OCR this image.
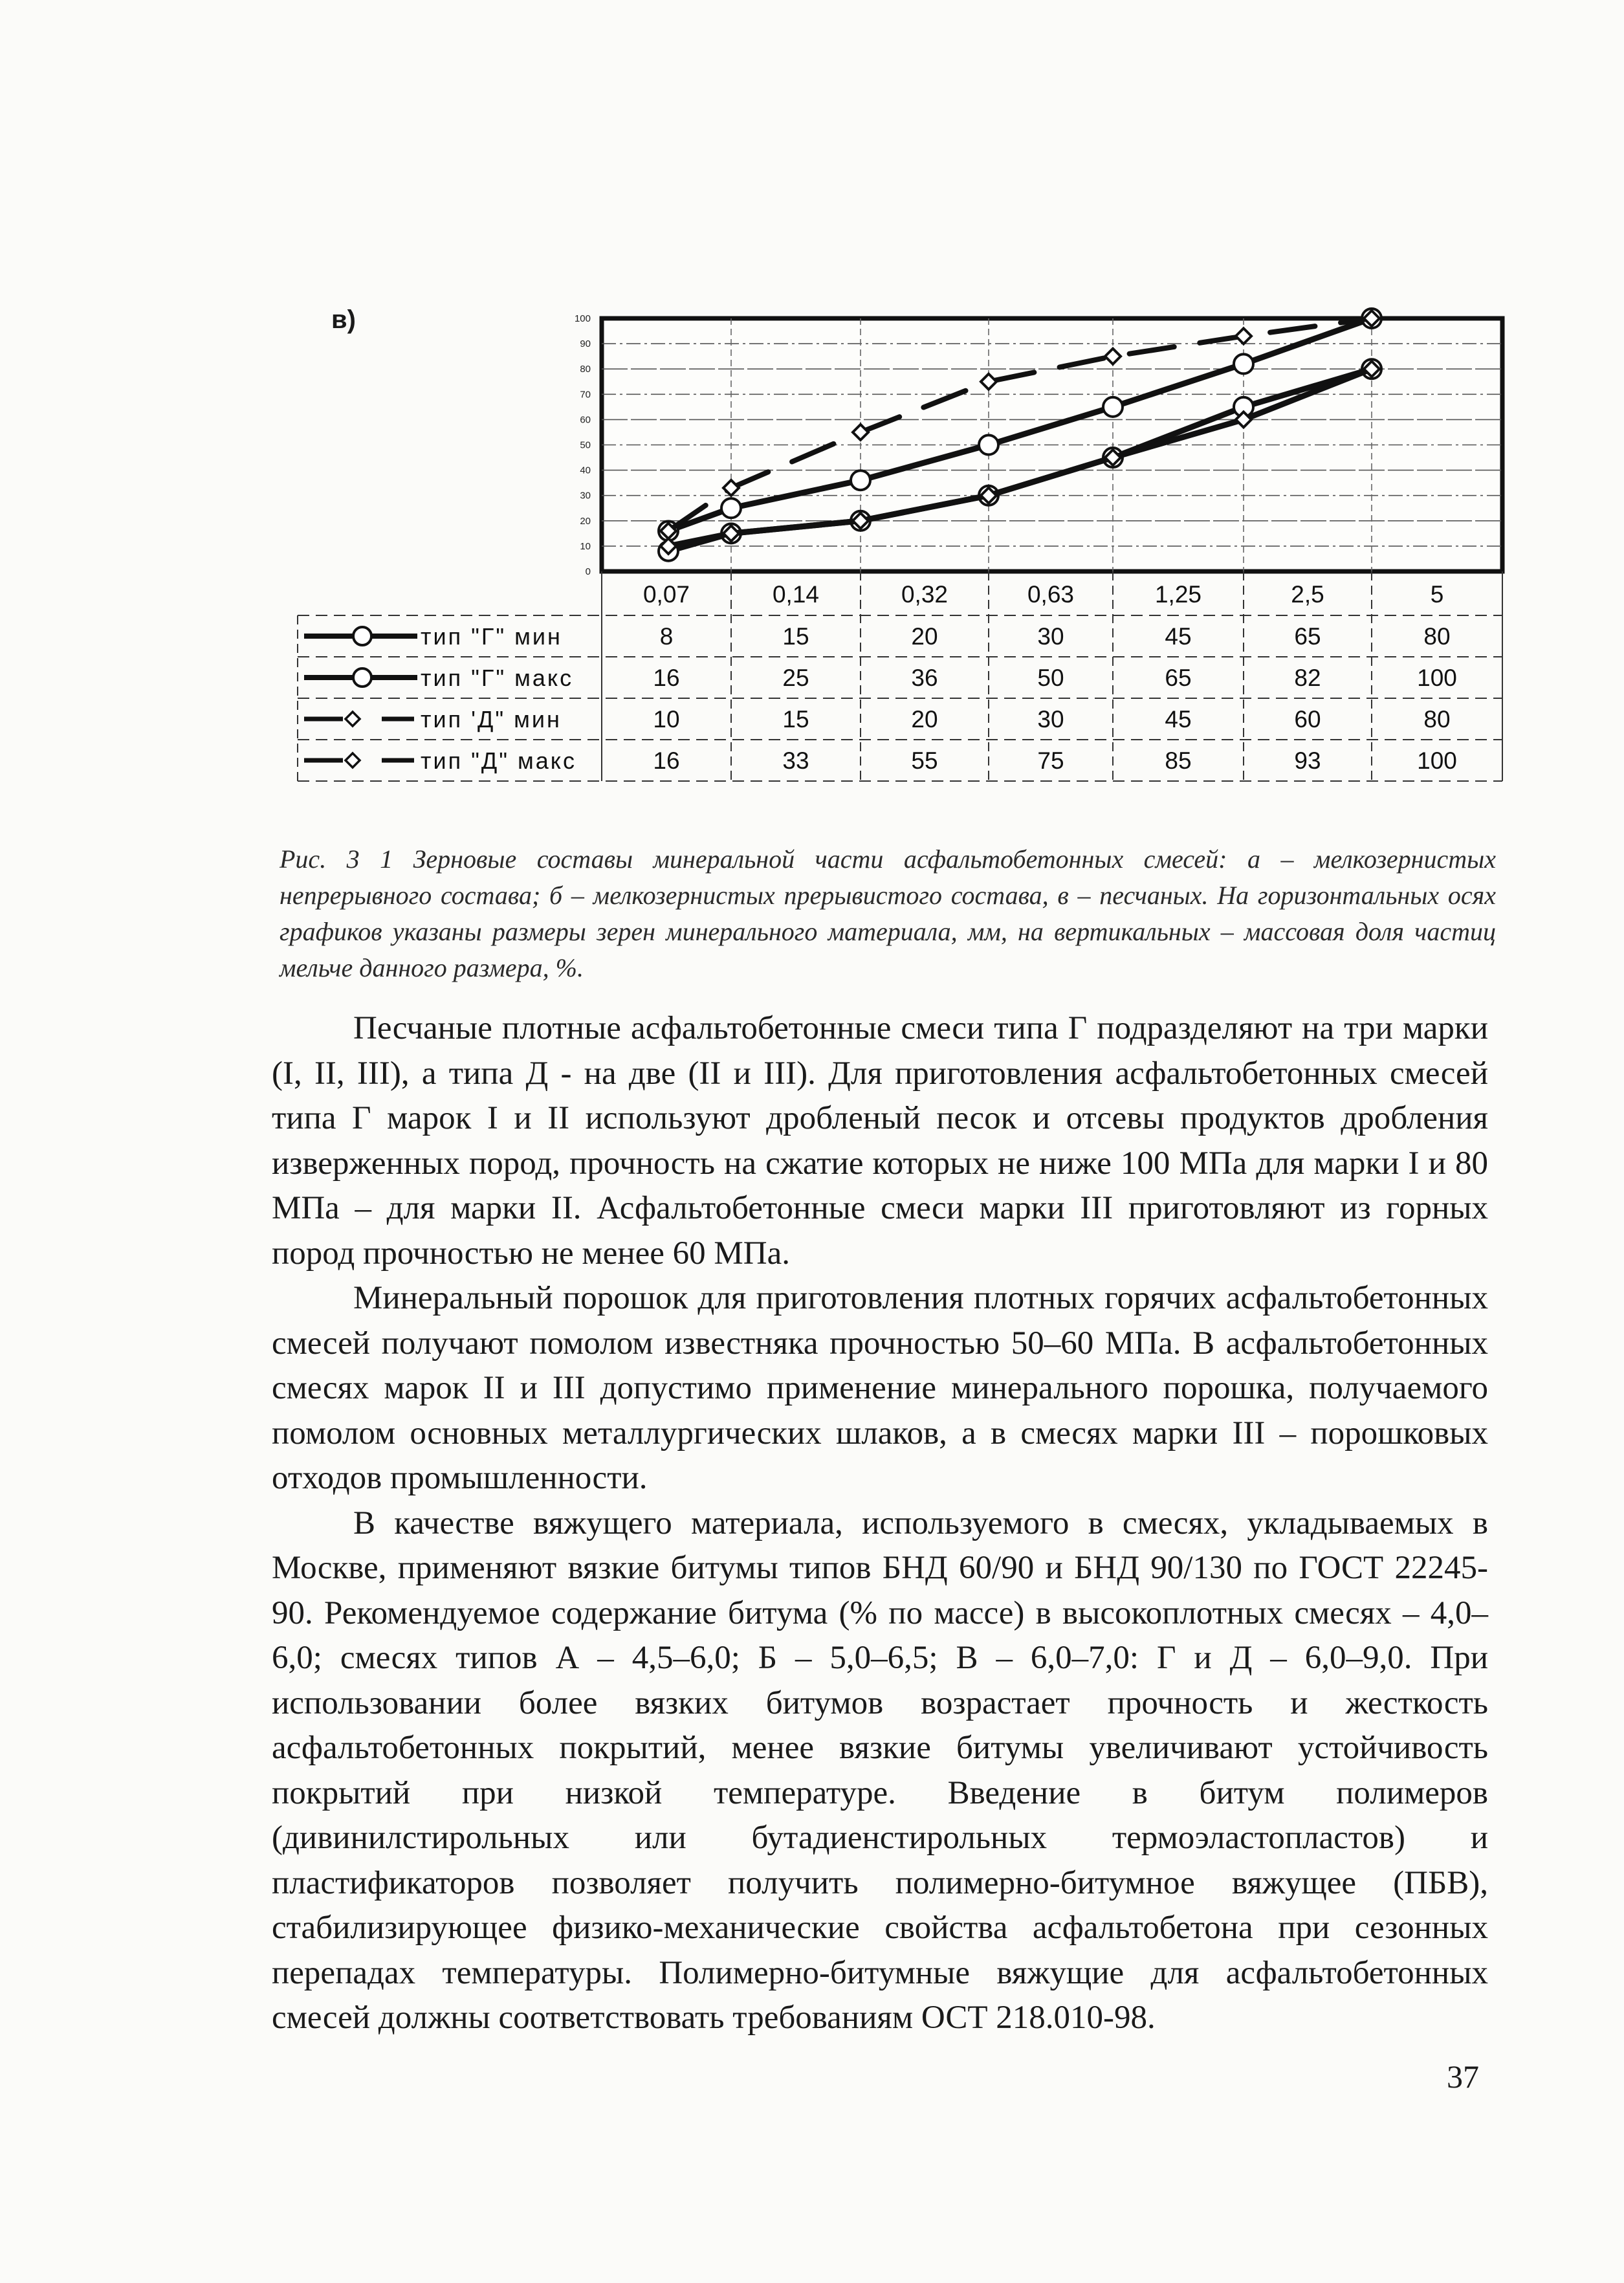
в)	100
90
80
70
60
50
40
30
20
10
0
0,07	0,14	0,32	0,63	1,25	2,5	5
тип "Г" мин	8	15	20	30	45	65	80
тип "Г" макс	16	25	36	50	65	82	100
тип 'Д" мин	10	15	20	30	45	60	80
тип "Д" макс	16	33	55	75	85	93	100
Рис. 3 1 Зерновые составы минеральной части асфальтобетонных смесей: а – мелкозернистых непрерывного состава; б – мелкозернистых прерывистого состава, в – песчаных. На горизонтальных осях графиков указаны размеры зерен минерального материала, мм, на вертикальных – массовая доля частиц мельче данного размера, %.

Песчаные плотные асфальтобетонные смеси типа Г подразделяют на три марки (I, II, III), а типа Д - на две (II и III). Для приготовления асфальтобетонных смесей типа Г марок I и II используют дробленый песок и отсевы продуктов дробления изверженных пород, прочность на сжатие которых не ниже 100 МПа для марки I и 80 МПа – для марки II. Асфальтобетонные смеси марки III приготовляют из горных пород прочностью не менее 60 МПа.

Минеральный порошок для приготовления плотных горячих асфальтобетонных смесей получают помолом известняка прочностью 50–60 МПа. В асфальтобетонных смесях марок II и III допустимо применение минерального порошка, получаемого помолом основных металлургических шлаков, а в смесях марки III – порошковых отходов промышленности.

В качестве вяжущего материала, используемого в смесях, укладываемых в Москве, применяют вязкие битумы типов БНД 60/90 и БНД 90/130 по ГОСТ 22245-90. Рекомендуемое содержание битума (% по массе) в высокоплотных смесях – 4,0–6,0; смесях типов А – 4,5–6,0; Б – 5,0–6,5; В – 6,0–7,0: Г и Д – 6,0–9,0. При использовании более вязких битумов возрастает прочность и жесткость асфальтобетонных покрытий, менее вязкие битумы увеличивают устойчивость покрытий при низкой температуре. Введение в битум полимеров (дивинилстирольных или бутадиенстирольных термоэластопластов) и пластификаторов позволяет получить полимерно-битумное вяжущее (ПБВ), стабилизирующее физико-механические свойства асфальтобетона при сезонных перепадах температуры. Полимерно-битумные вяжущие для асфальтобетонных смесей должны соответствовать требованиям ОСТ 218.010-98.

37
